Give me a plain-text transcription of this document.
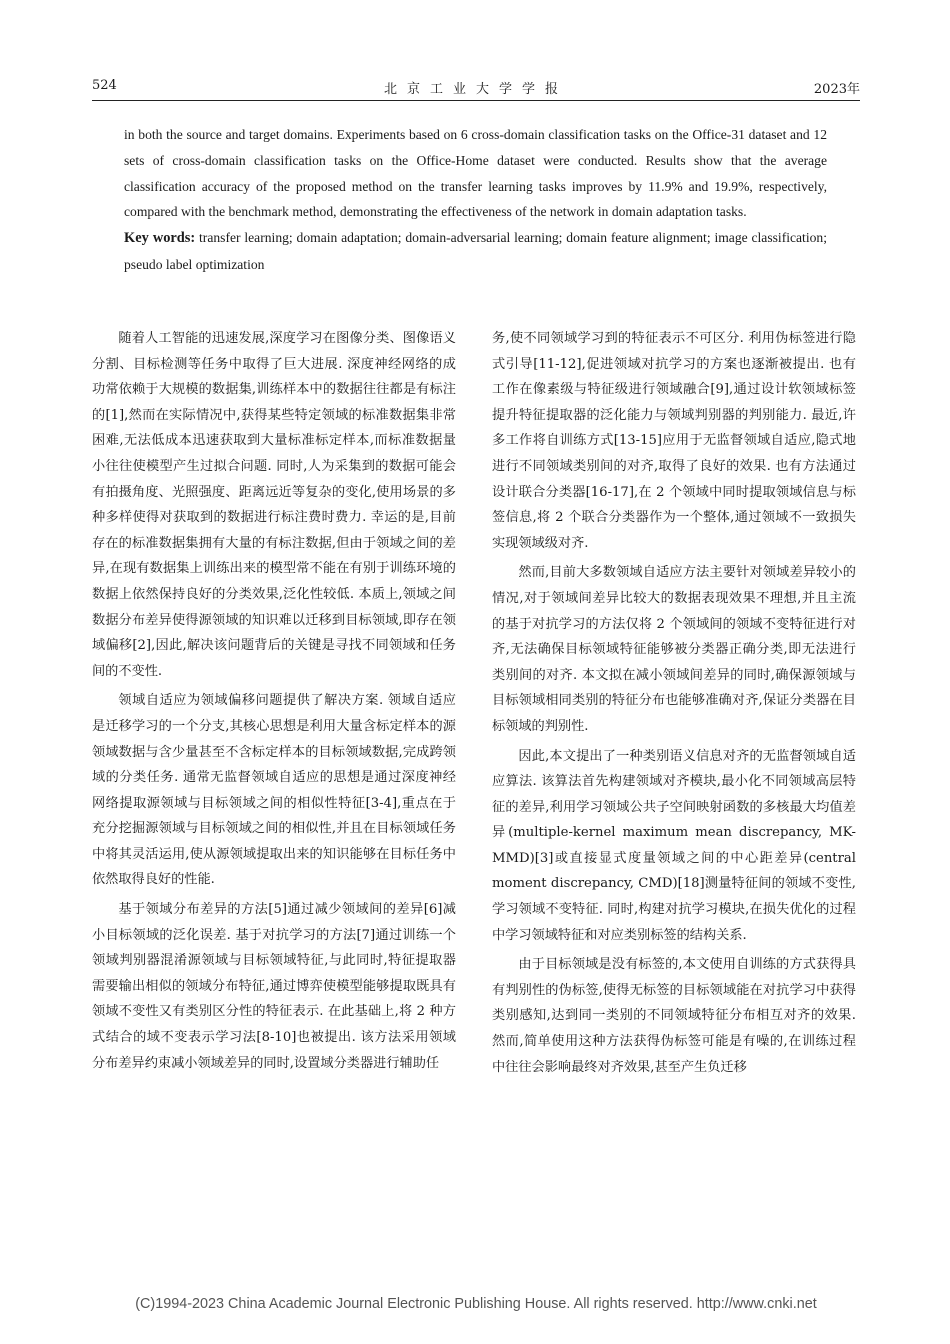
524	北京工业大学学报	2023年

in both the source and target domains. Experiments based on 6 cross-domain classification tasks on the Office-31 dataset and 12 sets of cross-domain classification tasks on the Office-Home dataset were conducted. Results show that the average classification accuracy of the proposed method on the transfer learning tasks improves by 11.9% and 19.9%, respectively, compared with the benchmark method, demonstrating the effectiveness of the network in domain adaptation tasks.

Key words: transfer learning; domain adaptation; domain-adversarial learning; domain feature alignment; image classification; pseudo label optimization

随着人工智能的迅速发展,深度学习在图像分类、图像语义分割、目标检测等任务中取得了巨大进展. 深度神经网络的成功常依赖于大规模的数据集,训练样本中的数据往往都是有标注的[1],然而在实际情况中,获得某些特定领域的标准数据集非常困难,无法低成本迅速获取到大量标准标定样本,而标准数据量小往往使模型产生过拟合问题. 同时,人为采集到的数据可能会有拍摄角度、光照强度、距离远近等复杂的变化,使用场景的多种多样使得对获取到的数据进行标注费时费力. 幸运的是,目前存在的标准数据集拥有大量的有标注数据,但由于领域之间的差异,在现有数据集上训练出来的模型常不能在有别于训练环境的数据上依然保持良好的分类效果,泛化性较低. 本质上,领域之间数据分布差异使得源领域的知识难以迁移到目标领域,即存在领域偏移[2],因此,解决该问题背后的关键是寻找不同领域和任务间的不变性.

领域自适应为领域偏移问题提供了解决方案. 领域自适应是迁移学习的一个分支,其核心思想是利用大量含标定样本的源领域数据与含少量甚至不含标定样本的目标领域数据,完成跨领域的分类任务. 通常无监督领域自适应的思想是通过深度神经网络提取源领域与目标领域之间的相似性特征[3-4],重点在于充分挖掘源领域与目标领域之间的相似性,并且在目标领域任务中将其灵活运用,使从源领域提取出来的知识能够在目标任务中依然取得良好的性能.

基于领域分布差异的方法[5]通过减少领域间的差异[6]减小目标领域的泛化误差. 基于对抗学习的方法[7]通过训练一个领域判别器混淆源领域与目标领域特征,与此同时,特征提取器需要输出相似的领域分布特征,通过博弈使模型能够提取既具有领域不变性又有类别区分性的特征表示. 在此基础上,将 2 种方式结合的域不变表示学习法[8-10]也被提出. 该方法采用领域分布差异约束减小领域差异的同时,设置域分类器进行辅助任

务,使不同领域学习到的特征表示不可区分. 利用伪标签进行隐式引导[11-12],促进领域对抗学习的方案也逐渐被提出. 也有工作在像素级与特征级进行领域融合[9],通过设计软领域标签提升特征提取器的泛化能力与领域判别器的判别能力. 最近,许多工作将自训练方式[13-15]应用于无监督领域自适应,隐式地进行不同领域类别间的对齐,取得了良好的效果. 也有方法通过设计联合分类器[16-17],在 2 个领域中同时提取领域信息与标签信息,将 2 个联合分类器作为一个整体,通过领域不一致损失实现领域级对齐.

然而,目前大多数领域自适应方法主要针对领域差异较小的情况,对于领域间差异比较大的数据表现效果不理想,并且主流的基于对抗学习的方法仅将 2 个领域间的领域不变特征进行对齐,无法确保目标领域特征能够被分类器正确分类,即无法进行类别间的对齐. 本文拟在减小领域间差异的同时,确保源领域与目标领域相同类别的特征分布也能够准确对齐,保证分类器在目标领域的判别性.

因此,本文提出了一种类别语义信息对齐的无监督领域自适应算法. 该算法首先构建领域对齐模块,最小化不同领域高层特征的差异,利用学习领域公共子空间映射函数的多核最大均值差异(multiple-kernel maximum mean discrepancy, MK-MMD)[3]或直接显式度量领域之间的中心距差异(central moment discrepancy, CMD)[18]测量特征间的领域不变性,学习领域不变特征. 同时,构建对抗学习模块,在损失优化的过程中学习领域特征和对应类别标签的结构关系.

由于目标领域是没有标签的,本文使用自训练的方式获得具有判别性的伪标签,使得无标签的目标领域能在对抗学习中获得类别感知,达到同一类别的不同领域特征分布相互对齐的效果. 然而,简单使用这种方法获得伪标签可能是有噪的,在训练过程中往往会影响最终对齐效果,甚至产生负迁移

(C)1994-2023 China Academic Journal Electronic Publishing House. All rights reserved. http://www.cnki.net
